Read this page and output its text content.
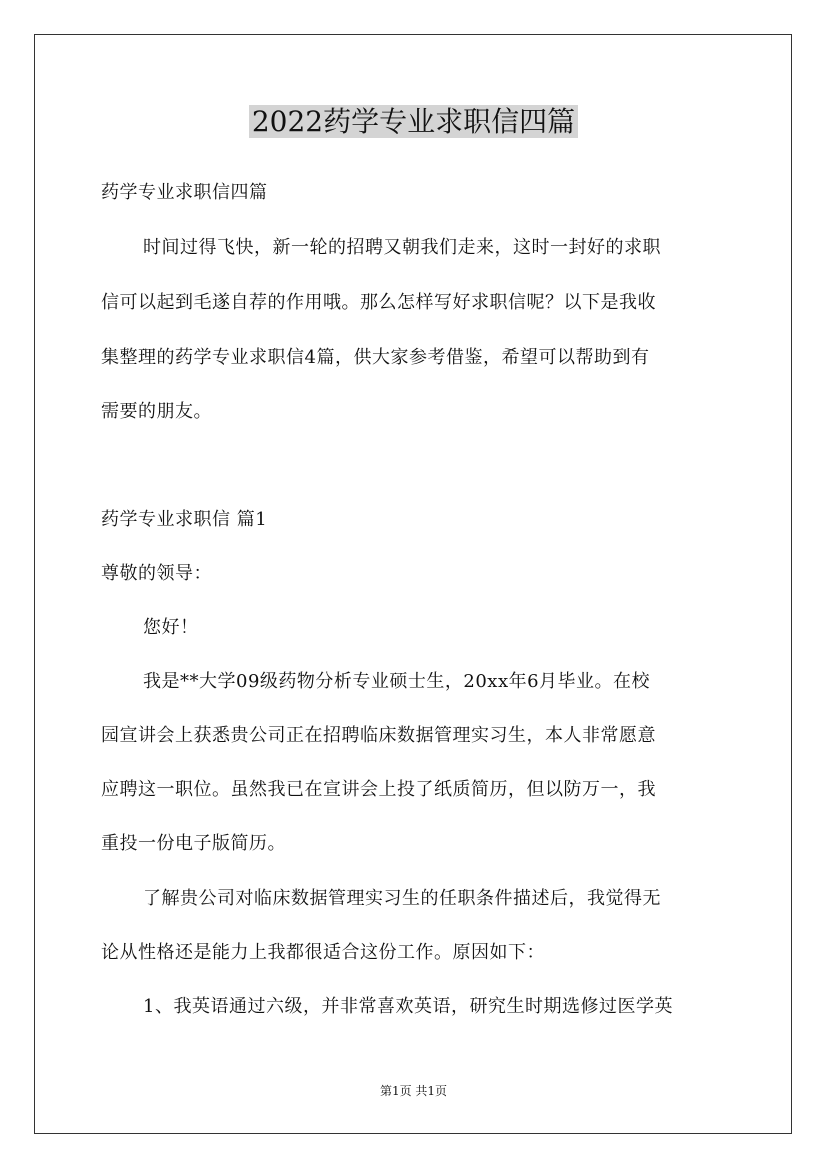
2022药学专业求职信四篇

药学专业求职信四篇

时间过得飞快，新一轮的招聘又朝我们走来，这时一封好的求职

信可以起到毛遂自荐的作用哦。那么怎样写好求职信呢？以下是我收

集整理的药学专业求职信4篇，供大家参考借鉴，希望可以帮助到有

需要的朋友。

药学专业求职信 篇1

尊敬的领导：

您好！

我是**大学09级药物分析专业硕士生，20xx年6月毕业。在校

园宣讲会上获悉贵公司正在招聘临床数据管理实习生，本人非常愿意

应聘这一职位。虽然我已在宣讲会上投了纸质简历，但以防万一，我

重投一份电子版简历。

了解贵公司对临床数据管理实习生的任职条件描述后，我觉得无

论从性格还是能力上我都很适合这份工作。原因如下：

1、我英语通过六级，并非常喜欢英语，研究生时期选修过医学英

第1页 共1页
